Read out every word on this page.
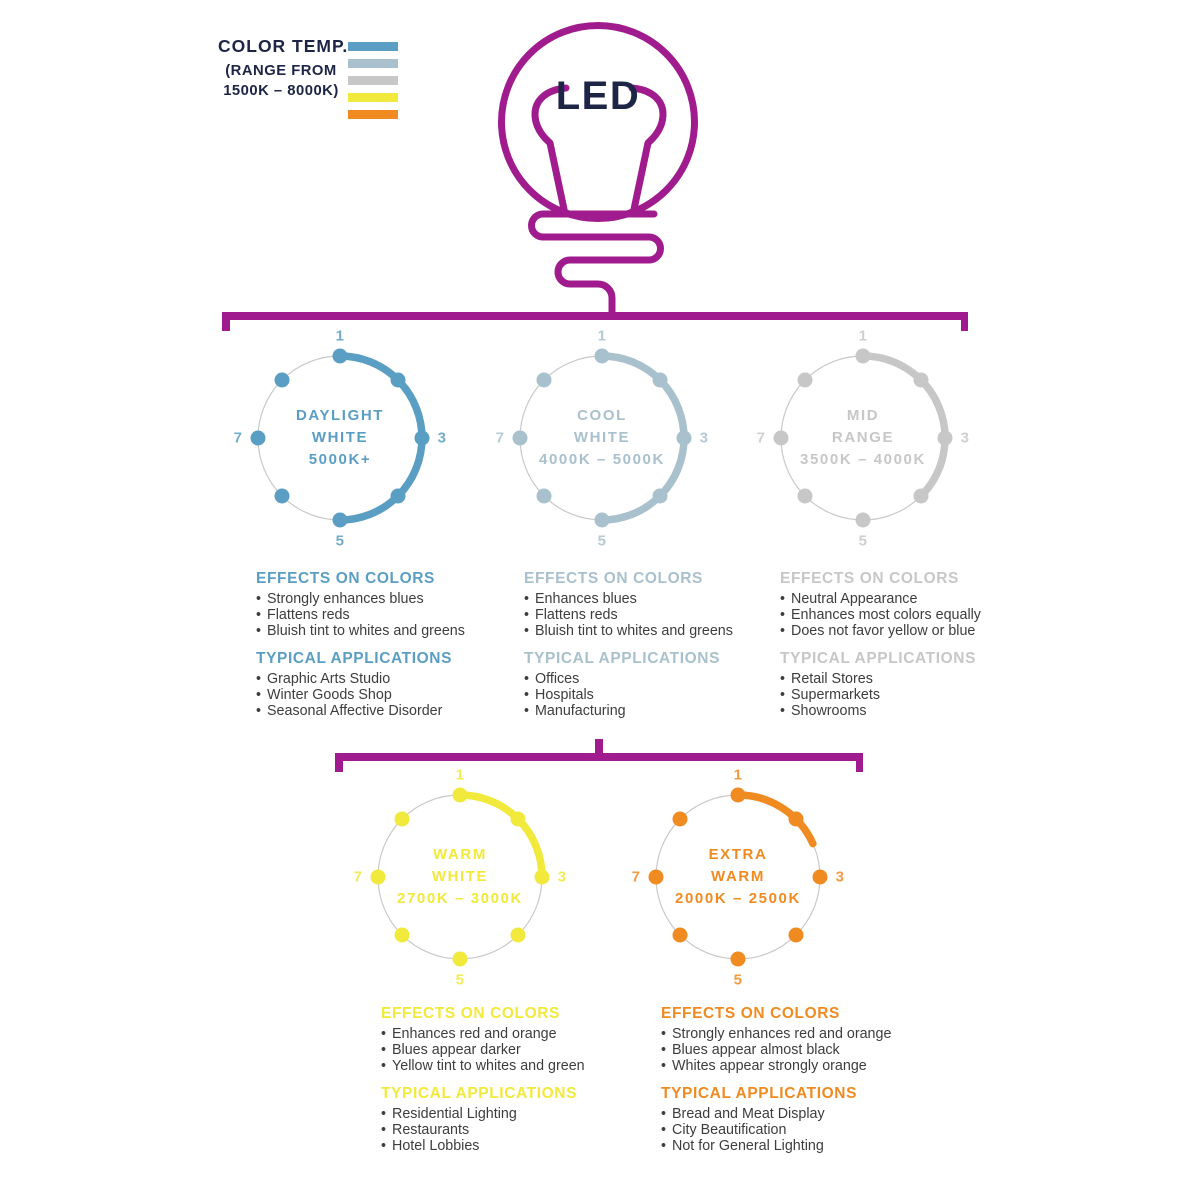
COLOR TEMP.
(RANGE FROM
1500K – 8000K)	LED
1
3
5
7
DAYLIGHT
WHITE
5000K+
EFFECTS ON COLORS
• Strongly enhances blues
• Flattens reds
• Bluish tint to whites and greens
TYPICAL APPLICATIONS
• Graphic Arts Studio
• Winter Goods Shop
• Seasonal Affective Disorder
1
3
5
7
COOL
WHITE
4000K – 5000K
EFFECTS ON COLORS
• Enhances blues
• Flattens reds
• Bluish tint to whites and greens
TYPICAL APPLICATIONS
• Offices
• Hospitals
• Manufacturing
1
3
5
7
MID
RANGE
3500K – 4000K
EFFECTS ON COLORS
• Neutral Appearance
• Enhances most colors equally
• Does not favor yellow or blue
TYPICAL APPLICATIONS
• Retail Stores
• Supermarkets
• Showrooms
1
3
5
7
WARM
WHITE
2700K – 3000K
EFFECTS ON COLORS
• Enhances red and orange
• Blues appear darker
• Yellow tint to whites and green
TYPICAL APPLICATIONS
• Residential Lighting
• Restaurants
• Hotel Lobbies
1
3
5
7
EXTRA
WARM
2000K – 2500K
EFFECTS ON COLORS
• Strongly enhances red and orange
• Blues appear almost black
• Whites appear strongly orange
TYPICAL APPLICATIONS
• Bread and Meat Display
• City Beautification
• Not for General Lighting
